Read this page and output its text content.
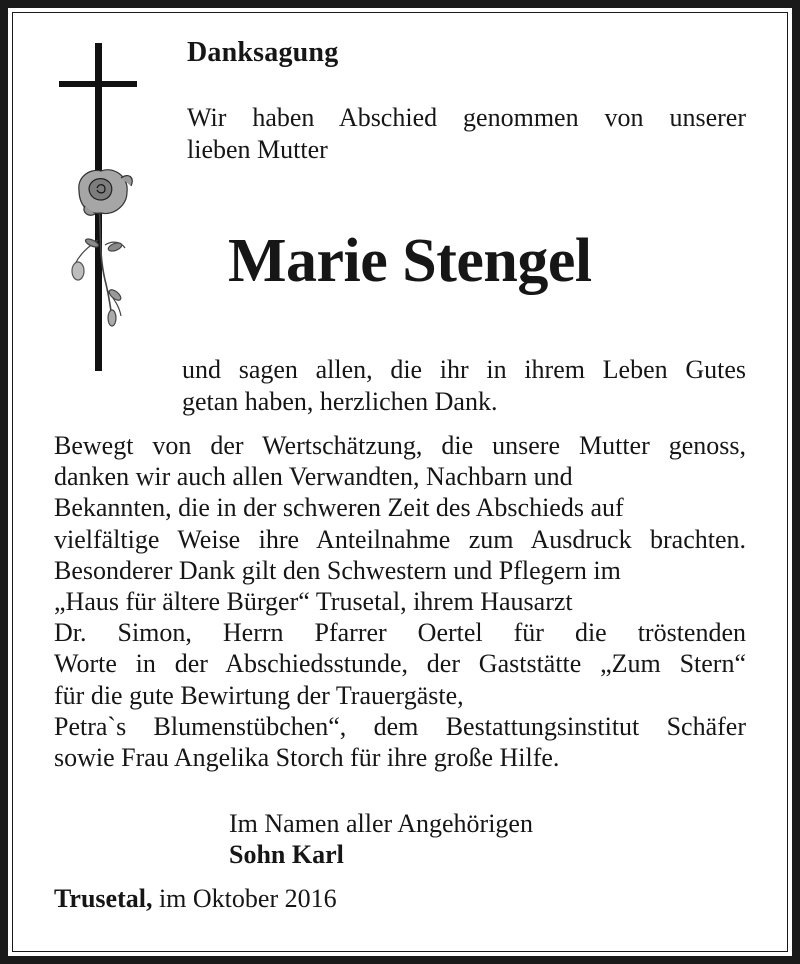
Danksagung
Wir haben Abschied genommen von unserer
lieben Mutter
Marie Stengel
und sagen allen, die ihr in ihrem Leben Gutes
getan haben, herzlichen Dank.
Bewegt von der Wertschätzung, die unsere Mutter genoss,
danken wir auch allen Verwandten, Nachbarn und
Bekannten, die in der schweren Zeit des Abschieds auf
vielfältige Weise ihre Anteilnahme zum Ausdruck brachten.
Besonderer Dank gilt den Schwestern und Pflegern im
„Haus für ältere Bürger“ Trusetal, ihrem Hausarzt
Dr. Simon, Herrn Pfarrer Oertel für die tröstenden
Worte in der Abschiedsstunde, der Gaststätte „Zum Stern“
für die gute Bewirtung der Trauergäste,
Petra`s Blumenstübchen“, dem Bestattungsinstitut Schäfer
sowie Frau Angelika Storch für ihre große Hilfe.
Im Namen aller Angehörigen
Sohn Karl
Trusetal, im Oktober 2016
